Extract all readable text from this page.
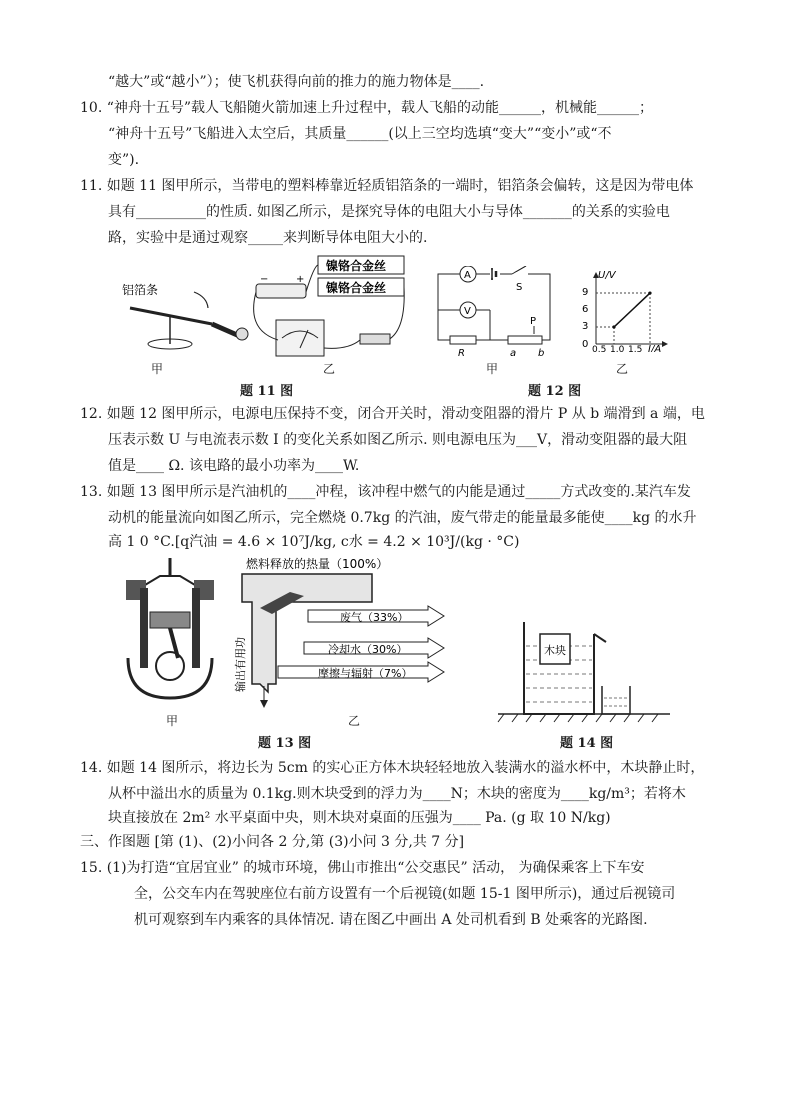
“越大”或“越小”）；使飞机获得向前的推力的施力物体是____.
10. “神舟十五号”载人飞船随火箭加速上升过程中，载人飞船的动能______，机械能______；
“神舟十五号”飞船进入太空后，其质量______(以上三空均选填“变大”“变小”或“不
变”).
11. 如题 11 图甲所示，当带电的塑料棒靠近轻质铝箔条的一端时，铝箔条会偏转，这是因为带电体
具有__________的性质. 如图乙所示，是探究导体的电阻大小与导体_______的关系的实验电
路，实验中是通过观察_____来判断导体电阻大小的.
铝箔条
镍铬合金丝
镍铬合金丝
−	+
甲	乙
题 11 图
A
S
V
R
P
a b
U/V
I/A
9
6
3
0 0.5 1.0 1.5
甲	乙
题 12 图
12. 如题 12 图甲所示，电源电压保持不变，闭合开关时，滑动变阻器的滑片 P 从 b 端滑到 a 端，电
压表示数 U 与电流表示数 I 的变化关系如图乙所示. 则电源电压为___V，滑动变阻器的最大阻
值是____ Ω. 该电路的最小功率为____W.
13. 如题 13 图甲所示是汽油机的____冲程，该冲程中燃气的内能是通过_____方式改变的.某汽车发
动机的能量流向如图乙所示，完全燃烧 0.7kg 的汽油，废气带走的能量最多能使____kg 的水升
高 1 0 °C.[q汽油 = 4.6 × 10⁷J/kg, c水 = 4.2 × 10³J/(kg · °C)
燃料释放的热量（100%）
废气（33%）
冷却水（30%）
摩擦与辐射（7%）
输出有用功
甲	乙
题 13 图
木块
题 14 图
14. 如题 14 图所示，将边长为 5cm 的实心正方体木块轻轻地放入装满水的溢水杯中，木块静止时，
从杯中溢出水的质量为 0.1kg.则木块受到的浮力为____N；木块的密度为____kg/m³；若将木
块直接放在 2m² 水平桌面中央，则木块对桌面的压强为____ Pa. (g 取 10 N/kg)
三、作图题 [第 (1)、(2)小问各 2 分,第 (3)小问 3 分,共 7 分]
15. (1)为打造“宜居宜业” 的城市环境，佛山市推出“公交惠民” 活动， 为确保乘客上下车安
全，公交车内在驾驶座位右前方设置有一个后视镜(如题 15-1 图甲所示)，通过后视镜司
机可观察到车内乘客的具体情况. 请在图乙中画出 A 处司机看到 B 处乘客的光路图.
